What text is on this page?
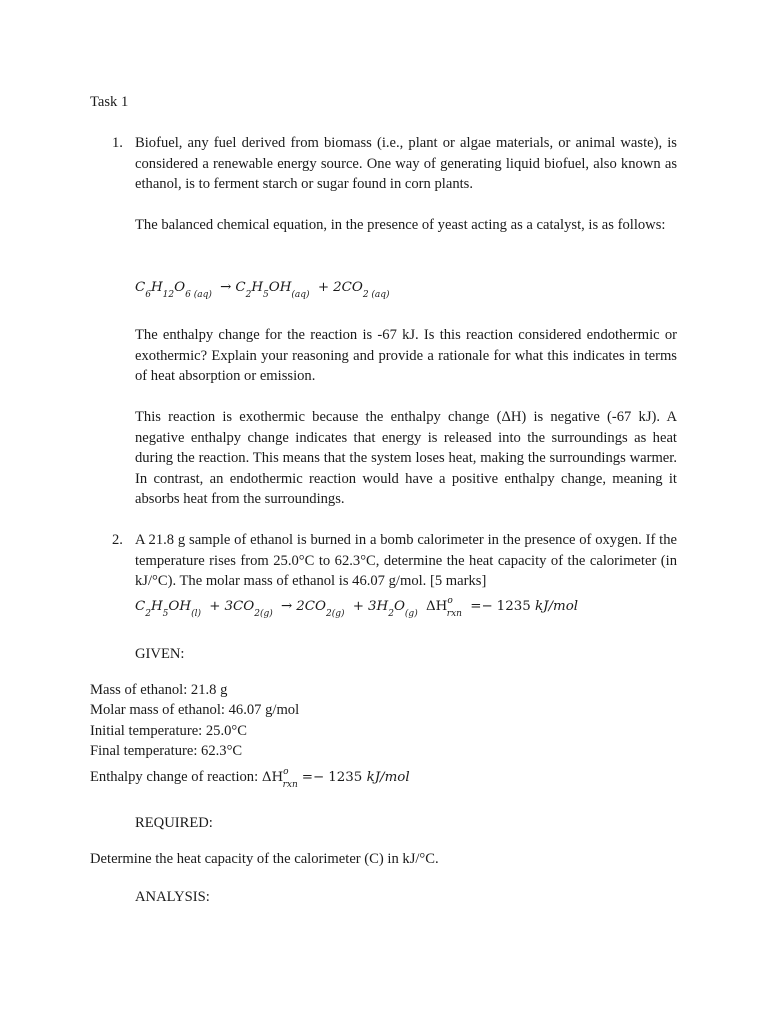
Task 1
1. Biofuel, any fuel derived from biomass (i.e., plant or algae materials, or animal waste), is considered a renewable energy source. One way of generating liquid biofuel, also known as ethanol, is to ferment starch or sugar found in corn plants.

The balanced chemical equation, in the presence of yeast acting as a catalyst, is as follows:

$C_6H_{12}O_{6 (aq)} \to C_2H_5OH_{(aq)} + 2CO_{2 (aq)}$

The enthalpy change for the reaction is -67 kJ. Is this reaction considered endothermic or exothermic? Explain your reasoning and provide a rationale for what this indicates in terms of heat absorption or emission.

This reaction is exothermic because the enthalpy change (ΔH) is negative (-67 kJ). A negative enthalpy change indicates that energy is released into the surroundings as heat during the reaction. This means that the system loses heat, making the surroundings warmer. In contrast, an endothermic reaction would have a positive enthalpy change, meaning it absorbs heat from the surroundings.

2. A 21.8 g sample of ethanol is burned in a bomb calorimeter in the presence of oxygen. If the temperature rises from 25.0°C to 62.3°C, determine the heat capacity of the calorimeter (in kJ/°C). The molar mass of ethanol is 46.07 g/mol. [5 marks]

$C_2H_5OH_{(l)} + 3CO_{2(g)} \to 2CO_{2(g)} + 3H_2O_{(g)}$ $\Delta H^o_{rxn} =- 1235$ kJ/mol
GIVEN:
Mass of ethanol: 21.8 g
Molar mass of ethanol: 46.07 g/mol
Initial temperature: 25.0°C
Final temperature: 62.3°C
Enthalpy change of reaction: $\Delta H^o_{rxn} =- 1235$ kJ/mol
REQUIRED:
Determine the heat capacity of the calorimeter (C) in kJ/°C.
ANALYSIS:
